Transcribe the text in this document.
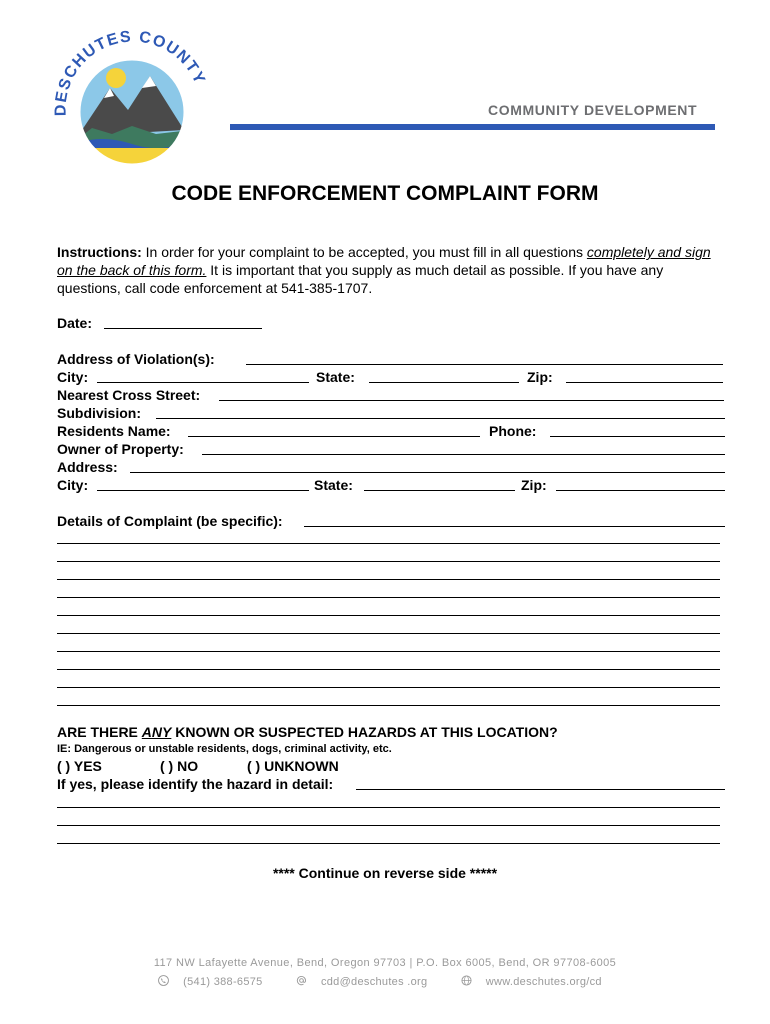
DESCHUTES COUNTY
COMMUNITY DEVELOPMENT
CODE ENFORCEMENT COMPLAINT FORM
Instructions: In order for your complaint to be accepted, you must fill in all questions completely and sign on the back of this form. It is important that you supply as much detail as possible. If you have any questions, call code enforcement at 541-385-1707.
Date:
Address of Violation(s):
City:	State:	Zip:
Nearest Cross Street:
Subdivision:
Residents Name:	Phone:
Owner of Property:
Address:
City:	State:	Zip:
Details of Complaint (be specific):
ARE THERE ANY KNOWN OR SUSPECTED HAZARDS AT THIS LOCATION?
IE: Dangerous or unstable residents, dogs, criminal activity, etc.
( ) YES	( ) NO	( ) UNKNOWN
If yes, please identify the hazard in detail:
**** Continue on reverse side *****
117 NW Lafayette Avenue, Bend, Oregon 97703 | P.O. Box 6005, Bend, OR 97708-6005
(541) 388-6575	cdd@deschutes .org	www.deschutes.org/cd
